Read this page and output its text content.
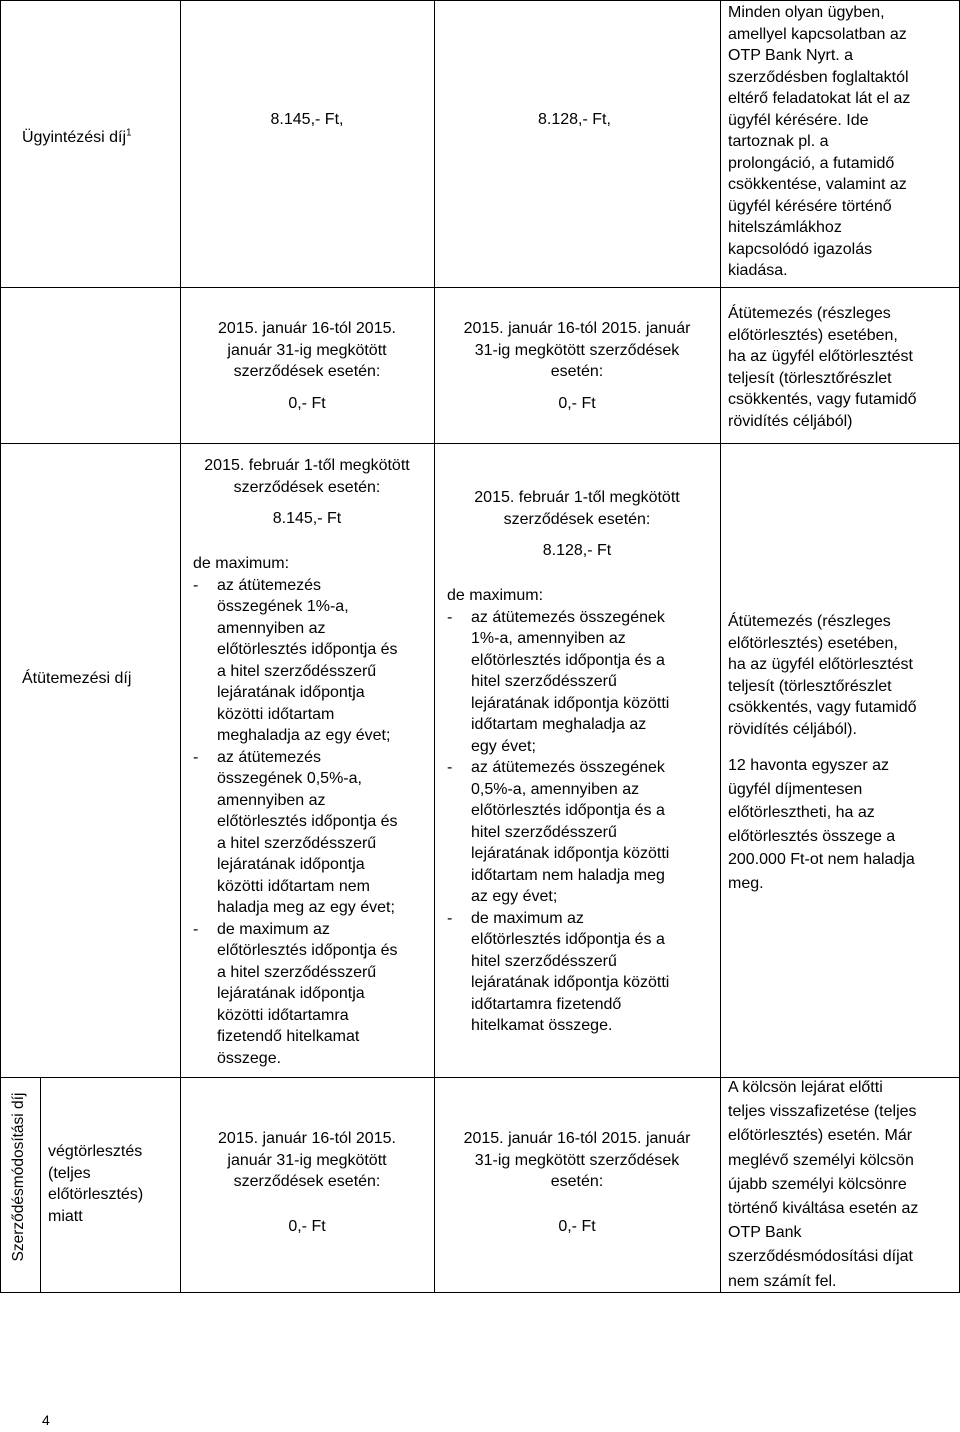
Ügyintézési díj$^1$
8.145,- Ft,	8.128,- Ft,
Minden olyan ügyben,
amellyel kapcsolatban az
OTP Bank Nyrt. a
szerződésben foglaltaktól
eltérő feladatokat lát el az
ügyfél kérésére. Ide
tartoznak pl. a
prolongáció, a futamidő
csökkentése, valamint az
ügyfél kérésére történő
hitelszámlákhoz
kapcsolódó igazolás
kiadása.
Átütemezési díj
2015. január 16-tól 2015.
január 31-ig megkötött
szerződések esetén:
0,- Ft
2015. január 16-tól 2015. január
31-ig megkötött szerződések
esetén:
0,- Ft
Átütemezés (részleges
előtörlesztés) esetében,
ha az ügyfél előtörlesztést
teljesít (törlesztőrészlet
csökkentés, vagy futamidő
rövidítés céljából)
2015. február 1-től megkötött
szerződések esetén:
8.145,- Ft
de maximum:
- az átütemezés
összegének 1%-a,
amennyiben az
előtörlesztés időpontja és
a hitel szerződésszerű
lejáratának időpontja
közötti időtartam
meghaladja az egy évet;
- az átütemezés
összegének 0,5%-a,
amennyiben az
előtörlesztés időpontja és
a hitel szerződésszerű
lejáratának időpontja
közötti időtartam nem
haladja meg az egy évet;
- de maximum az
előtörlesztés időpontja és
a hitel szerződésszerű
lejáratának időpontja
közötti időtartamra
fizetendő hitelkamat
összege.
2015. február 1-től megkötött
szerződések esetén:
8.128,- Ft
de maximum:
- az átütemezés összegének
1%-a, amennyiben az
előtörlesztés időpontja és a
hitel szerződésszerű
lejáratának időpontja közötti
időtartam meghaladja az
egy évet;
- az átütemezés összegének
0,5%-a, amennyiben az
előtörlesztés időpontja és a
hitel szerződésszerű
lejáratának időpontja közötti
időtartam nem haladja meg
az egy évet;
- de maximum az
előtörlesztés időpontja és a
hitel szerződésszerű
lejáratának időpontja közötti
időtartamra fizetendő
hitelkamat összege.
Átütemezés (részleges
előtörlesztés) esetében,
ha az ügyfél előtörlesztést
teljesít (törlesztőrészlet
csökkentés, vagy futamidő
rövidítés céljából).
12 havonta egyszer az
ügyfél díjmentesen
előtörlesztheti, ha az
előtörlesztés összege a
200.000 Ft-ot nem haladja
meg.
Szerződésmódosítási díj végtörlesztés
(teljes
előtörlesztés)
miatt
2015. január 16-tól 2015.
január 31-ig megkötött
szerződések esetén:
0,- Ft
2015. január 16-tól 2015. január
31-ig megkötött szerződések
esetén:
0,- Ft
A kölcsön lejárat előtti
teljes visszafizetése (teljes
előtörlesztés) esetén. Már
meglévő személyi kölcsön
újabb személyi kölcsönre
történő kiváltása esetén az
OTP Bank
szerződésmódosítási díjat
nem számít fel.
4
